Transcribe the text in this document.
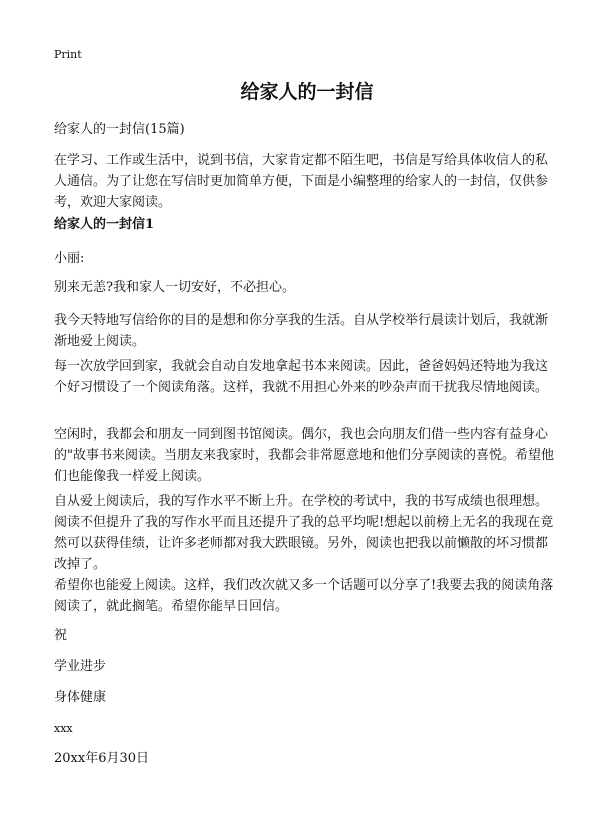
Print
给家人的一封信
给家人的一封信(15篇)

在学习、工作或生活中，说到书信，大家肯定都不陌生吧，书信是写给具体收信人的私人通信。为了让您在写信时更加简单方便，下面是小编整理的给家人的一封信，仅供参考，欢迎大家阅读。

给家人的一封信1
小丽:

别来无恙?我和家人一切安好，不必担心。

我今天特地写信给你的目的是想和你分享我的生活。自从学校举行晨读计划后，我就渐渐地爱上阅读。

每一次放学回到家，我就会自动自发地拿起书本来阅读。因此，爸爸妈妈还特地为我这个好习惯设了一个阅读角落。这样，我就不用担心外来的吵杂声而干扰我尽情地阅读。

空闲时，我都会和朋友一同到图书馆阅读。偶尔，我也会向朋友们借一些内容有益身心的"故事书来阅读。当朋友来我家时，我都会非常愿意地和他们分享阅读的喜悦。希望他们也能像我一样爱上阅读。

自从爱上阅读后，我的写作水平不断上升。在学校的考试中，我的书写成绩也很理想。阅读不但提升了我的写作水平而且还提升了我的总平均呢!想起以前榜上无名的我现在竟然可以获得佳绩，让许多老师都对我大跌眼镜。另外，阅读也把我以前懒散的坏习惯都改掉了。

希望你也能爱上阅读。这样，我们改次就又多一个话题可以分享了!我要去我的阅读角落阅读了，就此搁笔。希望你能早日回信。

祝
学业进步
身体健康
xxx
20xx年6月30日
